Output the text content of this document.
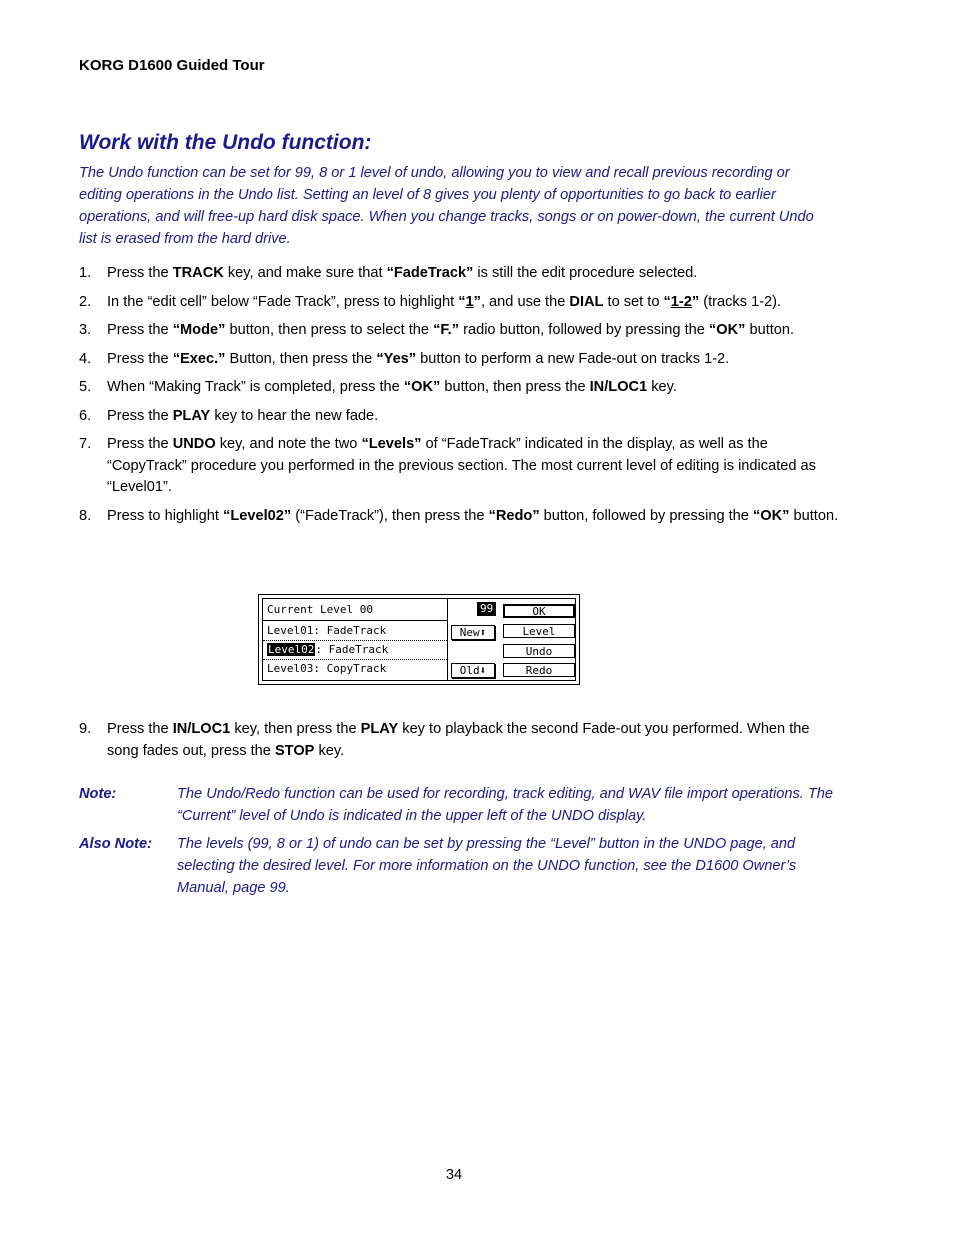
KORG D1600 Guided Tour
Work with the Undo function:
The Undo function can be set for 99, 8 or 1 level of undo, allowing you to view and recall previous recording or editing operations in the Undo list. Setting an level of 8 gives you plenty of opportunities to go back to earlier operations, and will free-up hard disk space. When you change tracks, songs or on power-down, the current Undo list is erased from the hard drive.
1. Press the TRACK key, and make sure that “FadeTrack” is still the edit procedure selected.
2. In the “edit cell” below “Fade Track”, press to highlight “1”, and use the DIAL to set to “1-2” (tracks 1-2).
3. Press the “Mode” button, then press to select the “F.” radio button, followed by pressing the “OK” button.
4. Press the “Exec.” Button, then press the “Yes” button to perform a new Fade-out on tracks 1-2.
5. When “Making Track” is completed, press the “OK” button, then press the IN/LOC1 key.
6. Press the PLAY key to hear the new fade.
7. Press the UNDO key, and note the two “Levels” of “FadeTrack” indicated in the display, as well as the “CopyTrack” procedure you performed in the previous section. The most current level of editing is indicated as “Level01”.
8. Press to highlight “Level02” (“FadeTrack”), then press the “Redo” button, followed by pressing the “OK” button.
Current Level 00	99
Level01: FadeTrack
Level02: FadeTrack
Level03: CopyTrack
New⬆
Old⬇
OK
Level
Undo
Redo
9. Press the IN/LOC1 key, then press the PLAY key to playback the second Fade-out you performed. When the song fades out, press the STOP key.
Note:	The Undo/Redo function can be used for recording, track editing, and WAV file import operations. The “Current” level of Undo is indicated in the upper left of the UNDO display.
Also Note: The levels (99, 8 or 1) of undo can be set by pressing the “Level” button in the UNDO page, and selecting the desired level. For more information on the UNDO function, see the D1600 Owner’s Manual, page 99.
34
